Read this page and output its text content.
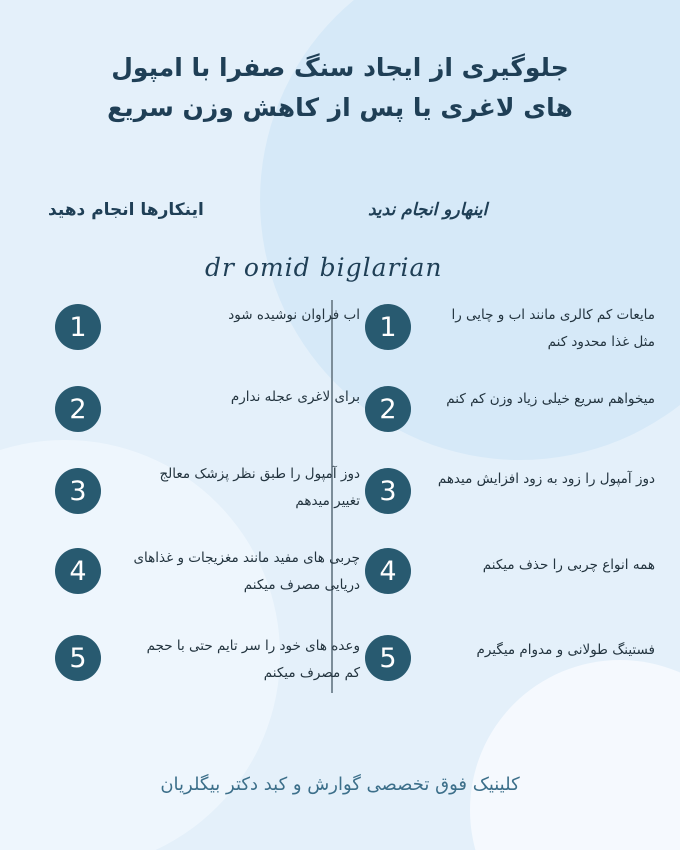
جلوگیری از ایجاد سنگ صفرا با امپول
های لاغری یا پس از کاهش وزن سریع
اینکارها انجام دهید	اینهارو انجام ندید
dr omid biglarian
1	اب فراوان نوشیده شود
2	برای لاغری عجله ندارم
3
دوز آمپول را طبق نظر پزشک معالج تغییر میدهم
4	چربی های مفید مانند مغزیجات و غذاهای دریایی مصرف میکنم
5	وعده های خود را سر تایم حتی با حجم کم مصرف میکنم
1	مایعات کم کالری مانند اب و چایی را مثل غذا محدود کنم
2	میخواهم سریع خیلی زیاد وزن کم کنم
3	دوز آمپول را زود به زود افزایش میدهم
4	همه انواع چربی را حذف میکنم
5	فستینگ طولانی و مدوام میگیرم
کلینیک فوق تخصصی گوارش و کبد دکتر بیگلریان
